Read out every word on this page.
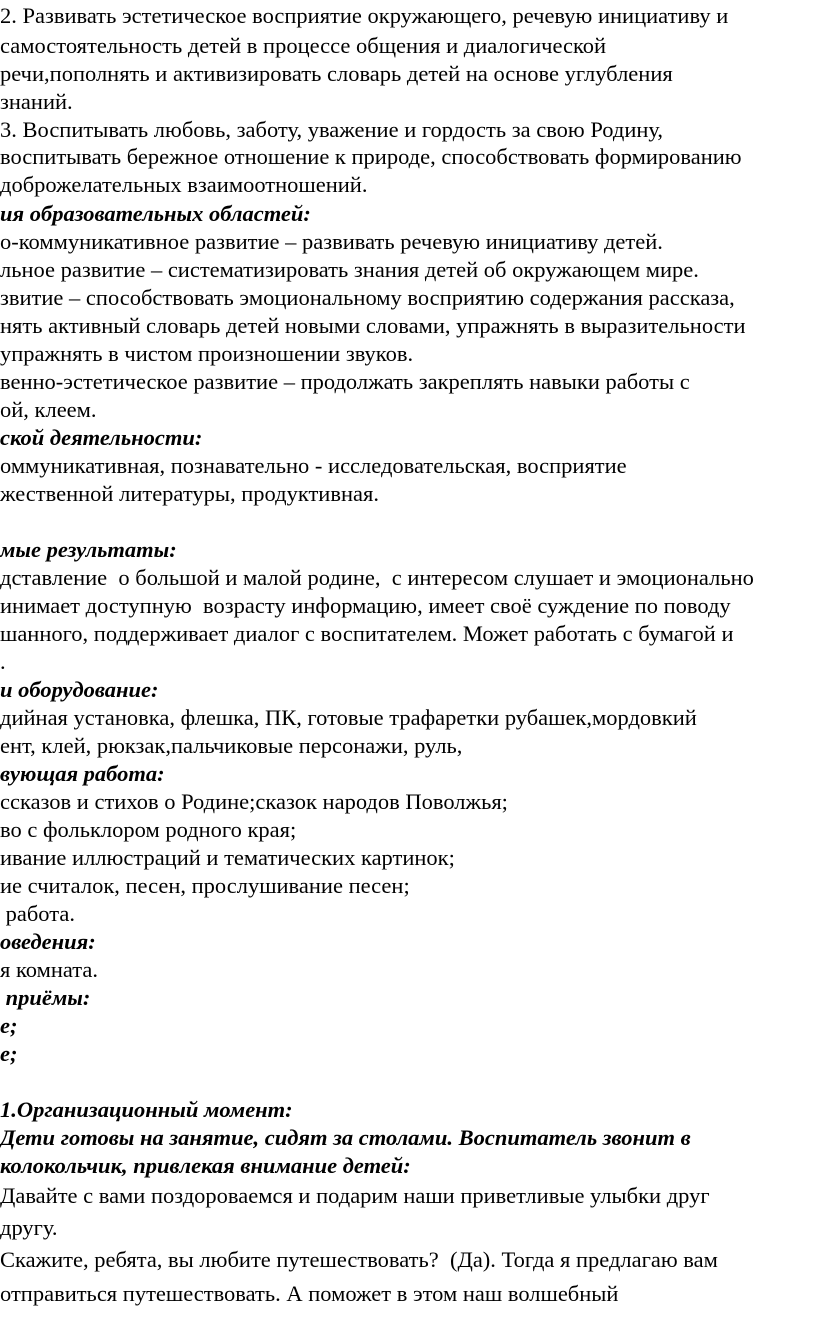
2. Развивать эстетическое восприятие окружающего, речевую инициативу и
самостоятельность детей в процессе общения и диалогической
речи,пополнять и активизировать словарь детей на основе углубления
знаний.
3. Воспитывать любовь, заботу, уважение и гордость за свою Родину,
воспитывать бережное отношение к природе, способствовать формированию
доброжелательных взаимоотношений.
ия образовательных областей:
о-коммуникативное развитие – развивать речевую инициативу детей.
льное развитие – систематизировать знания детей об окружающем мире.
звитие – способствовать эмоциональному восприятию содержания рассказа,
нять активный словарь детей новыми словами, упражнять в выразительности
упражнять в чистом произношении звуков.
венно-эстетическое развитие – продолжать закреплять навыки работы с
ой, клеем.
ской деятельности:
оммуникативная, познавательно - исследовательская, восприятие
жественной литературы, продуктивная.
мые результаты:
дставление  о большой и малой родине,  с интересом слушает и эмоционально
инимает доступную  возрасту информацию, имеет своё суждение по поводу
шанного, поддерживает диалог с воспитателем. Может работать с бумагой и
.
и оборудование:
дийная установка, флешка, ПК, готовые трафаретки рубашек,мордовкий
ент, клей, рюкзак,пальчиковые персонажи, руль,
вующая работа:
ссказов и стихов о Родине;сказок народов Поволжья;
во с фольклором родного края;
ивание иллюстраций и тематических картинок;
ие считалок, песен, прослушивание песен;
работа.
оведения:
я комната.
приёмы:
е;
е;
1.Организационный момент:
Дети готовы на занятие, сидят за столами. Воспитатель звонит в
колокольчик, привлекая внимание детей:
Давайте с вами поздороваемся и подарим наши приветливые улыбки друг
другу.
Скажите, ребята, вы любите путешествовать?  (Да). Тогда я предлагаю вам
отправиться путешествовать. А поможет в этом наш волшебный
